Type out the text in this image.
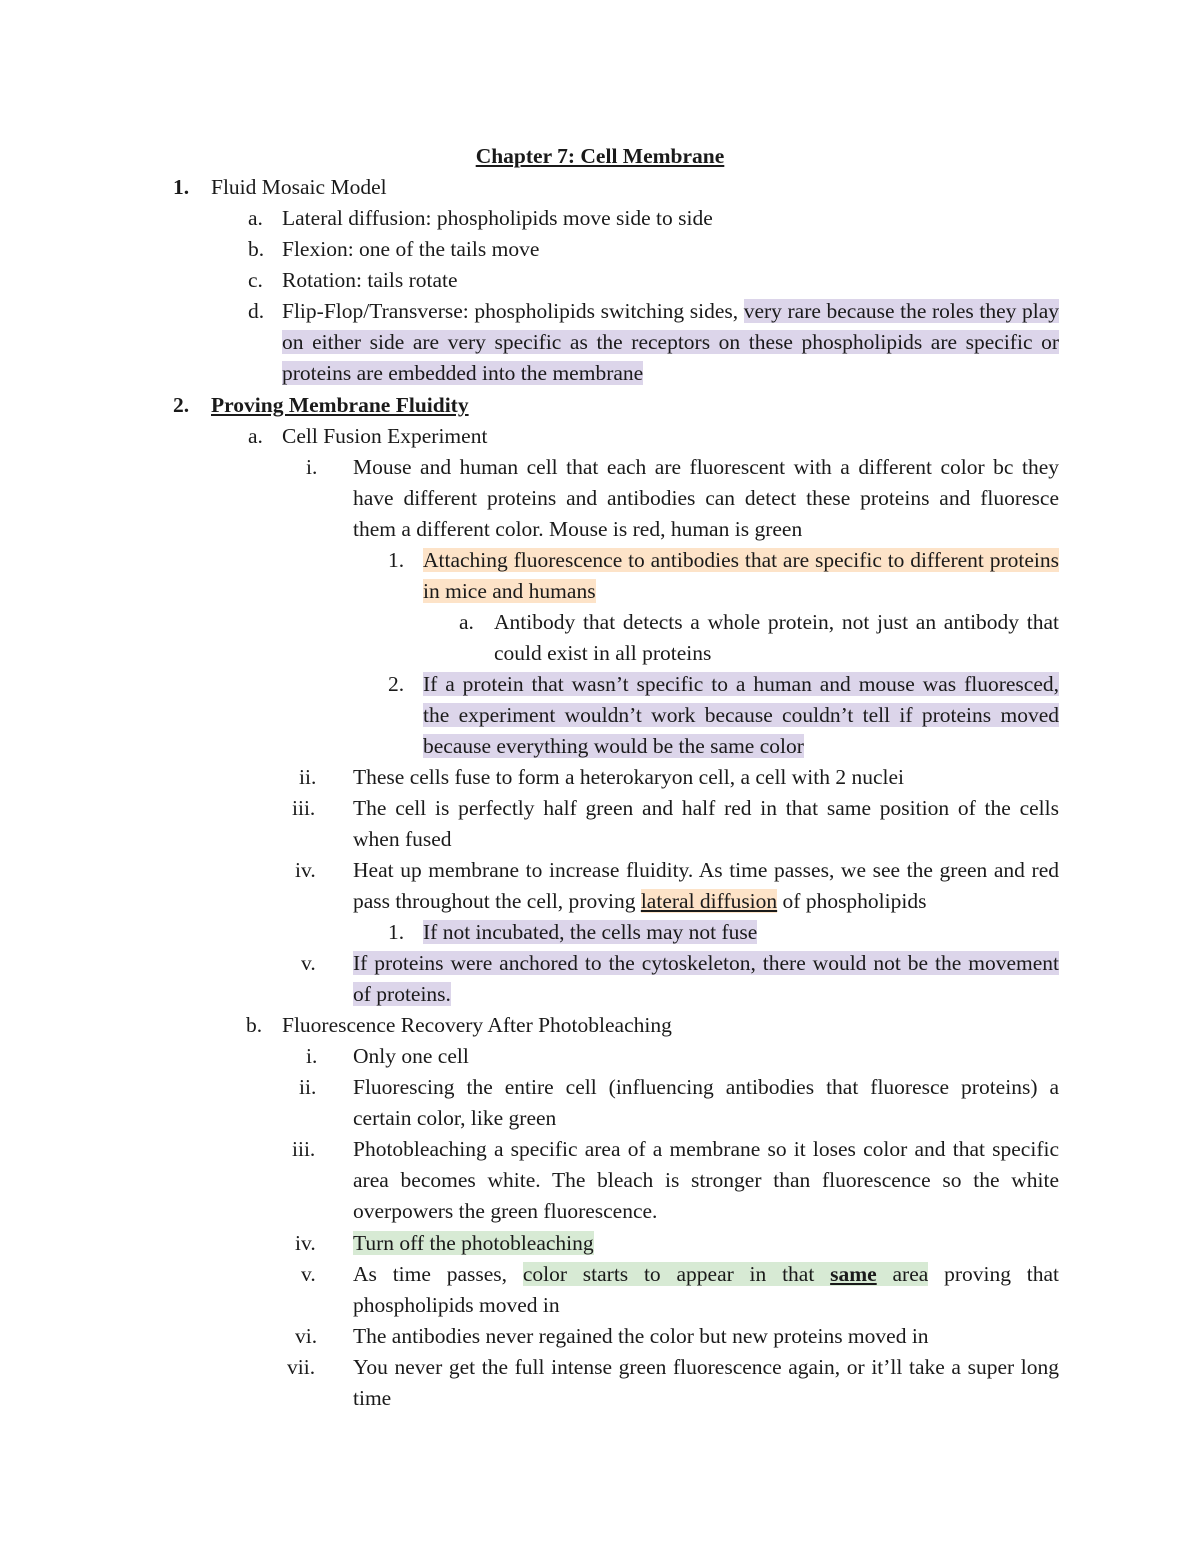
Chapter 7: Cell Membrane
1. Fluid Mosaic Model
a. Lateral diffusion: phospholipids move side to side
b. Flexion: one of the tails move
c. Rotation: tails rotate
d. Flip-Flop/Transverse: phospholipids switching sides, very rare because the roles they play on either side are very specific as the receptors on these phospholipids are specific or proteins are embedded into the membrane
2. Proving Membrane Fluidity
a. Cell Fusion Experiment
i. Mouse and human cell that each are fluorescent with a different color bc they have different proteins and antibodies can detect these proteins and fluoresce them a different color. Mouse is red, human is green
1. Attaching fluorescence to antibodies that are specific to different proteins in mice and humans
a. Antibody that detects a whole protein, not just an antibody that could exist in all proteins
2. If a protein that wasn’t specific to a human and mouse was fluoresced, the experiment wouldn’t work because couldn’t tell if proteins moved because everything would be the same color
ii. These cells fuse to form a heterokaryon cell, a cell with 2 nuclei
iii. The cell is perfectly half green and half red in that same position of the cells when fused
iv. Heat up membrane to increase fluidity. As time passes, we see the green and red pass throughout the cell, proving lateral diffusion of phospholipids
1. If not incubated, the cells may not fuse
v. If proteins were anchored to the cytoskeleton, there would not be the movement of proteins.
b. Fluorescence Recovery After Photobleaching
i. Only one cell
ii. Fluorescing the entire cell (influencing antibodies that fluoresce proteins) a certain color, like green
iii. Photobleaching a specific area of a membrane so it loses color and that specific area becomes white. The bleach is stronger than fluorescence so the white overpowers the green fluorescence.
iv. Turn off the photobleaching
v. As time passes, color starts to appear in that same area proving that phospholipids moved in
vi. The antibodies never regained the color but new proteins moved in
vii. You never get the full intense green fluorescence again, or it’ll take a super long time
